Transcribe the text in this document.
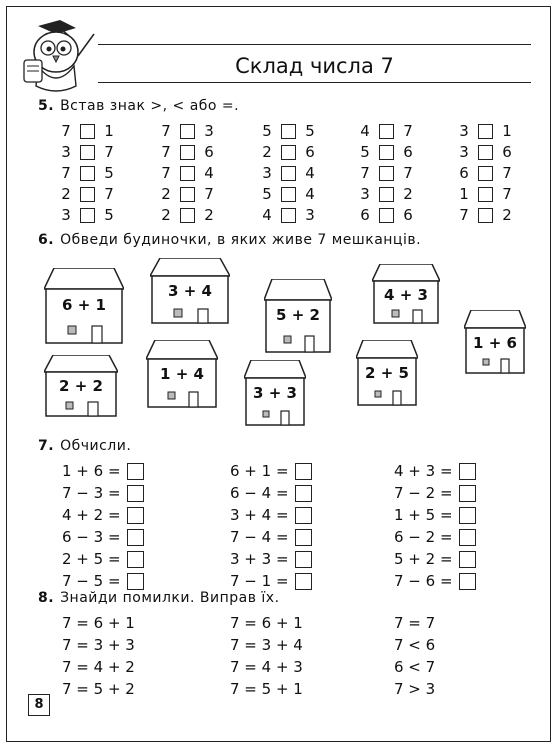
Склад числа 7
5. Встав знак >, < або =.
7 1
3 7
7 5
2 7
3 5
7 3
7 6
7 4
2 7
2 2
5 5
2 6
3 4
5 4
4 3
4 7
5 6
7 7
3 2
6 6
3 1
3 6
6 7
1 7
7 2
6. Обведи будиночки, в яких живе 7 мешканців.
6 + 1
3 + 4
5 + 2
4 + 3
1 + 6
2 + 2
1 + 4
3 + 3
2 + 5
7. Обчисли.
1 + 6 =
7 − 3 =
4 + 2 =
6 − 3 =
2 + 5 =
7 − 5 =
6 + 1 =
6 − 4 =
3 + 4 =
7 − 4 =
3 + 3 =
7 − 1 =
4 + 3 =
7 − 2 =
1 + 5 =
6 − 2 =
5 + 2 =
7 − 6 =
8. Знайди помилки. Виправ їх.
7 = 6 + 1
7 = 3 + 3
7 = 4 + 2
7 = 5 + 2
7 = 6 + 1
7 = 3 + 4
7 = 4 + 3
7 = 5 + 1
7 = 7
7 < 6
6 < 7
7 > 3
8
